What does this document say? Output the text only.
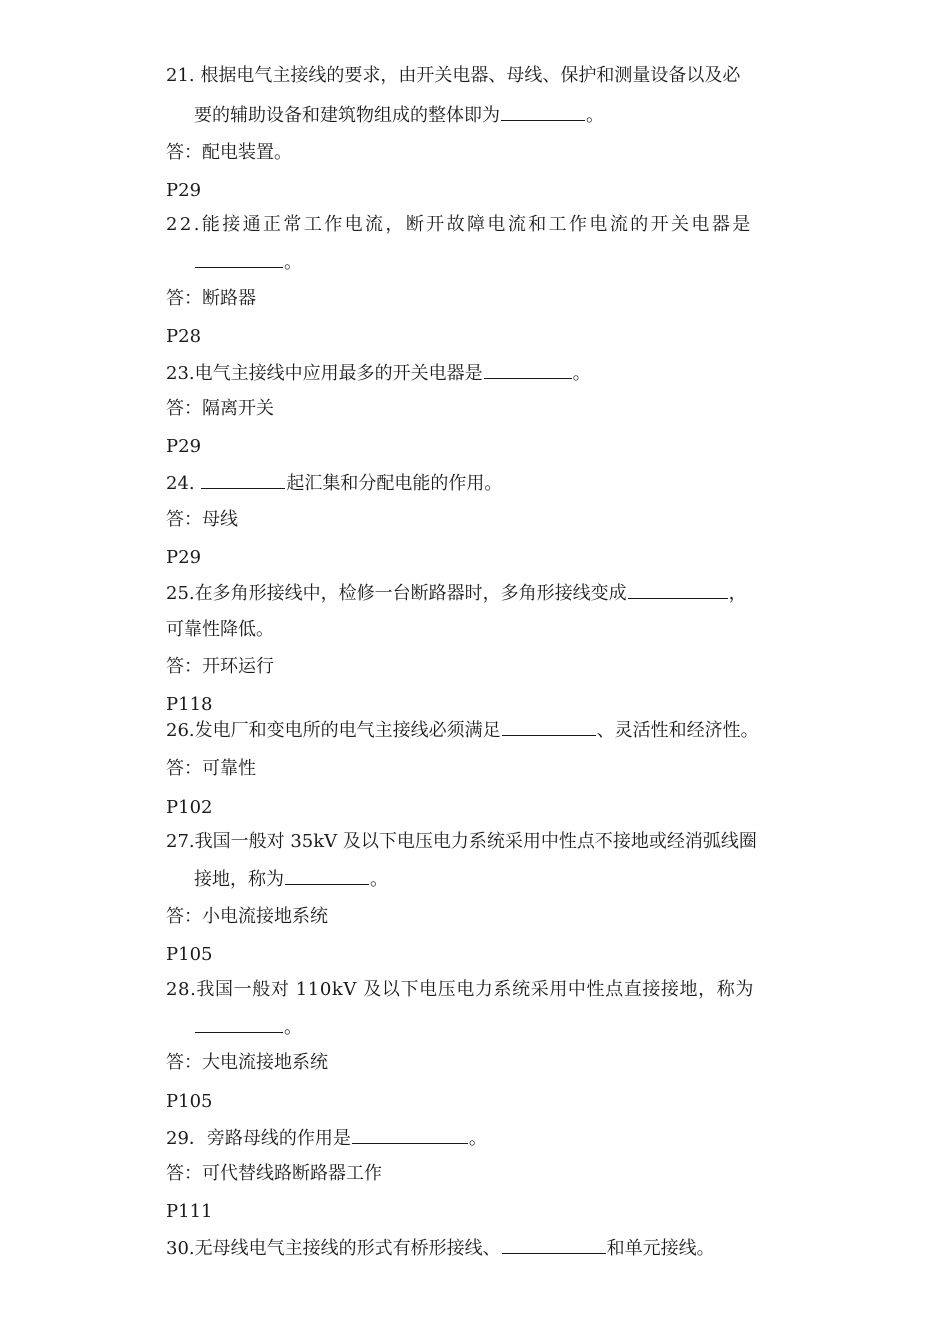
21. 根据电气主接线的要求，由开关电器、母线、保护和测量设备以及必
要的辅助设备和建筑物组成的整体即为	。
答：配电装置。
P29
22.能接通正常工作电流，断开故障电流和工作电流的开关电器是
。
答：断路器
P28
23.电气主接线中应用最多的开关电器是	。
答：隔离开关
P29
24.	起汇集和分配电能的作用。
答：母线
P29
25.在多角形接线中，检修一台断路器时，多角形接线变成	，
可靠性降低。
答：开环运行
P118
26.发电厂和变电所的电气主接线必须满足	、灵活性和经济性。
答：可靠性
P102
27.我国一般对 35kV 及以下电压电力系统采用中性点不接地或经消弧线圈
接地，称为	。
答：小电流接地系统
P105
28.我国一般对 110kV 及以下电压电力系统采用中性点直接接地，称为
。
答：大电流接地系统
P105
29．旁路母线的作用是	。
答：可代替线路断路器工作
P111
30.无母线电气主接线的形式有桥形接线、	和单元接线。
